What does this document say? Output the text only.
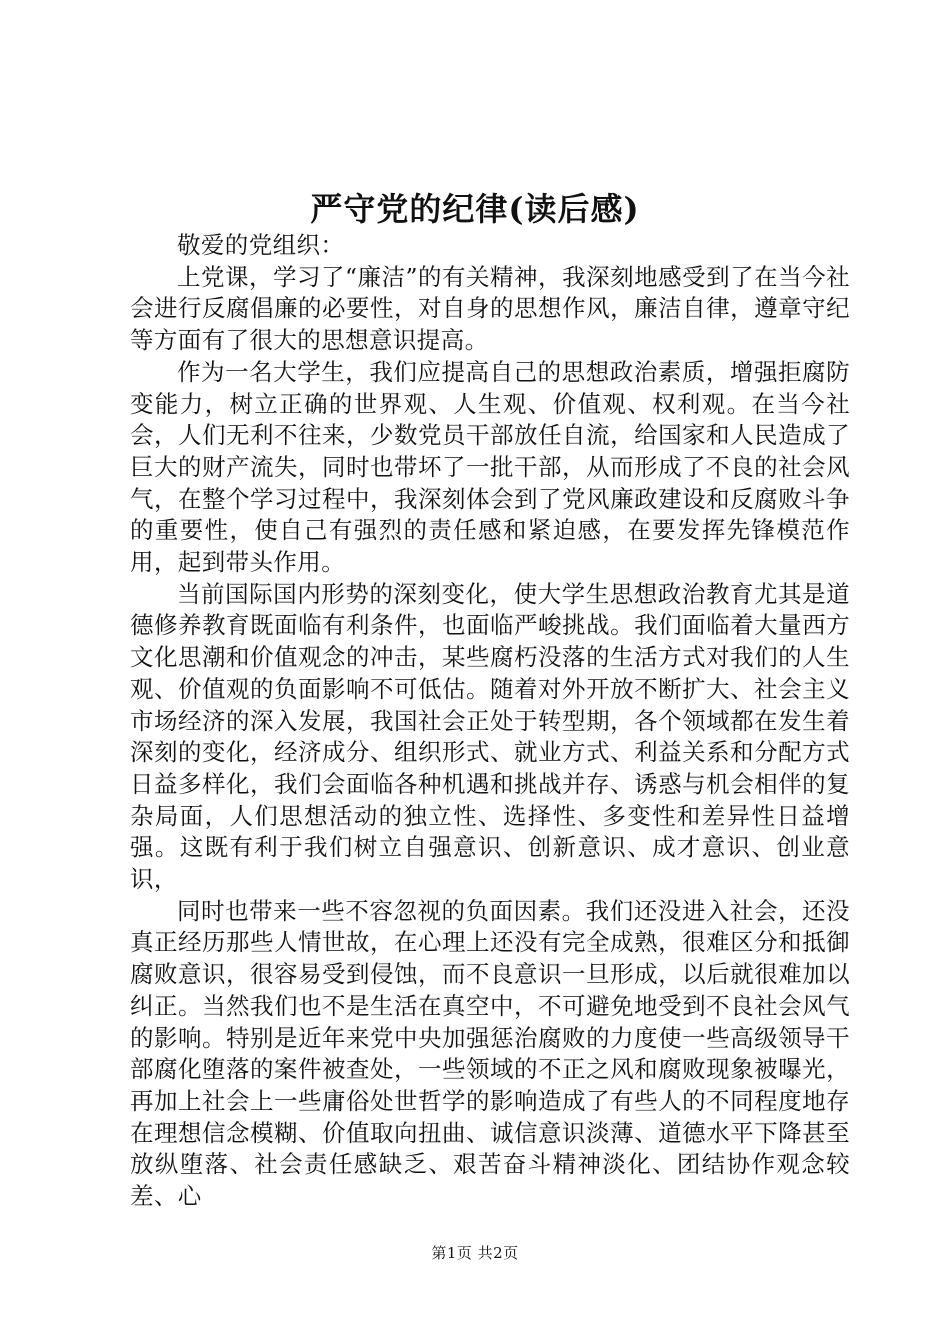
严守党的纪律(读后感)

敬爱的党组织：

上党课，学习了“廉洁”的有关精神，我深刻地感受到了在当今社会进行反腐倡廉的必要性，对自身的思想作风，廉洁自律，遵章守纪等方面有了很大的思想意识提高。

作为一名大学生，我们应提高自己的思想政治素质，增强拒腐防变能力，树立正确的世界观、人生观、价值观、权利观。在当今社会，人们无利不往来，少数党员干部放任自流，给国家和人民造成了巨大的财产流失，同时也带坏了一批干部，从而形成了不良的社会风气，在整个学习过程中，我深刻体会到了党风廉政建设和反腐败斗争的重要性，使自己有强烈的责任感和紧迫感，在要发挥先锋模范作用，起到带头作用。

当前国际国内形势的深刻变化，使大学生思想政治教育尤其是道德修养教育既面临有利条件，也面临严峻挑战。我们面临着大量西方文化思潮和价值观念的冲击，某些腐朽没落的生活方式对我们的人生观、价值观的负面影响不可低估。随着对外开放不断扩大、社会主义市场经济的深入发展，我国社会正处于转型期，各个领域都在发生着深刻的变化，经济成分、组织形式、就业方式、利益关系和分配方式日益多样化，我们会面临各种机遇和挑战并存、诱惑与机会相伴的复杂局面，人们思想活动的独立性、选择性、多变性和差异性日益增强。这既有利于我们树立自强意识、创新意识、成才意识、创业意识，

同时也带来一些不容忽视的负面因素。我们还没进入社会，还没真正经历那些人情世故，在心理上还没有完全成熟，很难区分和抵御腐败意识，很容易受到侵蚀，而不良意识一旦形成，以后就很难加以纠正。当然我们也不是生活在真空中，不可避免地受到不良社会风气的影响。特别是近年来党中央加强惩治腐败的力度使一些高级领导干部腐化堕落的案件被查处，一些领域的不正之风和腐败现象被曝光，再加上社会上一些庸俗处世哲学的影响造成了有些人的不同程度地存在理想信念模糊、价值取向扭曲、诚信意识淡薄、道德水平下降甚至放纵堕落、社会责任感缺乏、艰苦奋斗精神淡化、团结协作观念较差、心

第1页 共2页
